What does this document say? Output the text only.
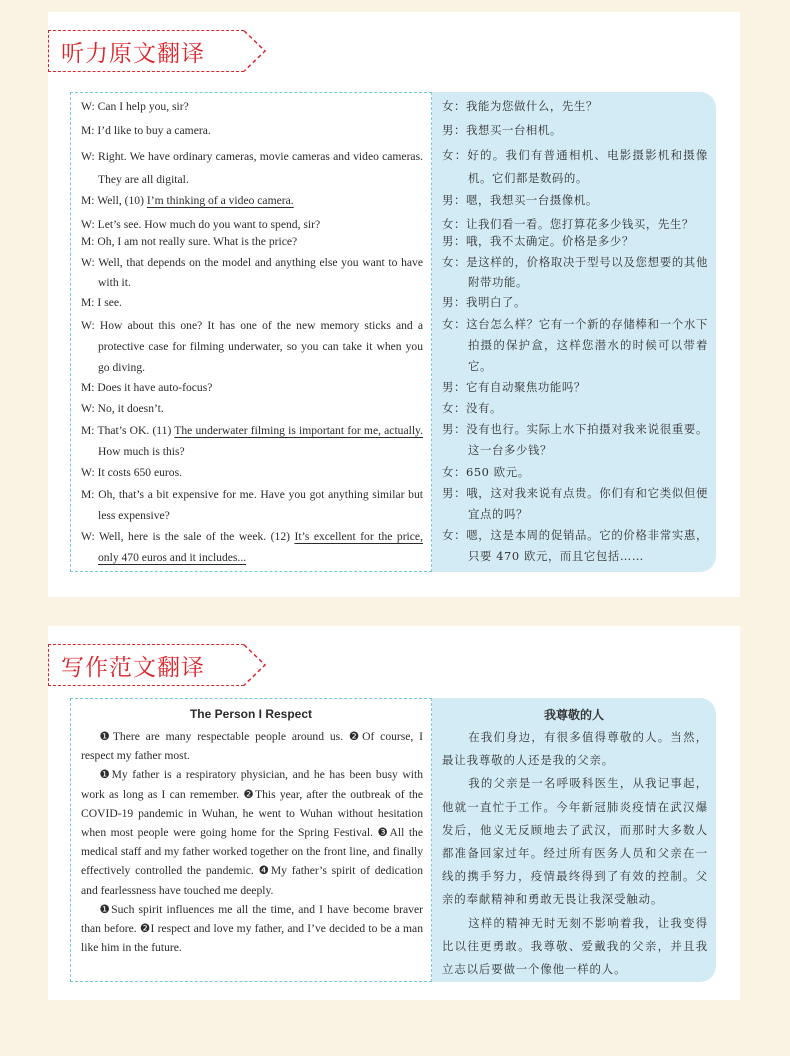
听力原文翻译
W: Can I help you, sir?
M: I’d like to buy a camera.
W: Right. We have ordinary cameras, movie cameras and video cameras. They are all digital.
M: Well, (10) I’m thinking of a video camera.
W: Let’s see. How much do you want to spend, sir?
M: Oh, I am not really sure. What is the price?
W: Well, that depends on the model and anything else you want to have with it.
M: I see.
W: How about this one? It has one of the new memory sticks and a protective case for filming underwater, so you can take it when you go diving.
M: Does it have auto-focus?
W: No, it doesn’t.
M: That’s OK. (11) The underwater filming is important for me, actually. How much is this?
W: It costs 650 euros.
M: Oh, that’s a bit expensive for me. Have you got anything similar but less expensive?
W: Well, here is the sale of the week. (12) It’s excellent for the price, only 470 euros and it includes...
女：我能为您做什么，先生？
男：我想买一台相机。
女：好的。我们有普通相机、电影摄影机和摄像机。它们都是数码的。
男：嗯，我想买一台摄像机。
女：让我们看一看。您打算花多少钱买，先生？
男：哦，我不太确定。价格是多少？
女：是这样的，价格取决于型号以及您想要的其他附带功能。
男：我明白了。
女：这台怎么样？它有一个新的存储棒和一个水下拍摄的保护盒，这样您潜水的时候可以带着它。
男：它有自动聚焦功能吗？
女：没有。
男：没有也行。实际上水下拍摄对我来说很重要。这一台多少钱？
女：650 欧元。
男：哦，这对我来说有点贵。你们有和它类似但便宜点的吗？
女：嗯，这是本周的促销品。它的价格非常实惠，只要 470 欧元，而且它包括……
写作范文翻译
The Person I Respect

❶There are many respectable people around us. ❷Of course, I respect my father most.

❶My father is a respiratory physician, and he has been busy with work as long as I can remember. ❷This year, after the outbreak of the COVID-19 pandemic in Wuhan, he went to Wuhan without hesitation when most people were going home for the Spring Festival. ❸All the medical staff and my father worked together on the front line, and finally effectively controlled the pandemic. ❹My father’s spirit of dedication and fearlessness have touched me deeply.

❶Such spirit influences me all the time, and I have become braver than before. ❷I respect and love my father, and I’ve decided to be a man like him in the future.

我尊敬的人

在我们身边，有很多值得尊敬的人。当然，最让我尊敬的人还是我的父亲。

我的父亲是一名呼吸科医生，从我记事起，他就一直忙于工作。今年新冠肺炎疫情在武汉爆发后，他义无反顾地去了武汉，而那时大多数人都准备回家过年。经过所有医务人员和父亲在一线的携手努力，疫情最终得到了有效的控制。父亲的奉献精神和勇敢无畏让我深受触动。

这样的精神无时无刻不影响着我，让我变得比以往更勇敢。我尊敬、爱戴我的父亲，并且我立志以后要做一个像他一样的人。
